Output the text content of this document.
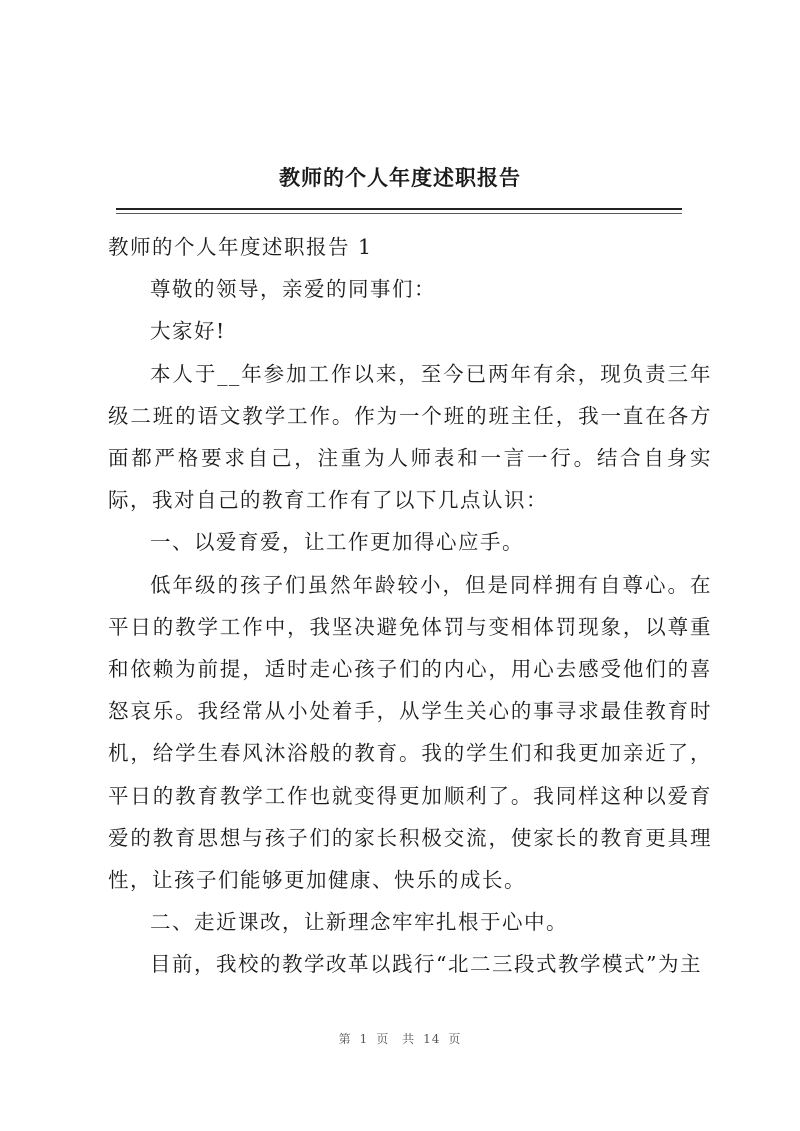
教师的个人年度述职报告

教师的个人年度述职报告 1

尊敬的领导，亲爱的同事们：

大家好!

本人于__年参加工作以来，至今已两年有余，现负责三年级二班的语文教学工作。作为一个班的班主任，我一直在各方面都严格要求自己，注重为人师表和一言一行。结合自身实际，我对自己的教育工作有了以下几点认识：

一、以爱育爱，让工作更加得心应手。

低年级的孩子们虽然年龄较小，但是同样拥有自尊心。在平日的教学工作中，我坚决避免体罚与变相体罚现象，以尊重和依赖为前提，适时走心孩子们的内心，用心去感受他们的喜怒哀乐。我经常从小处着手，从学生关心的事寻求最佳教育时机，给学生春风沐浴般的教育。我的学生们和我更加亲近了，平日的教育教学工作也就变得更加顺利了。我同样这种以爱育爱的教育思想与孩子们的家长积极交流，使家长的教育更具理性，让孩子们能够更加健康、快乐的成长。

二、走近课改，让新理念牢牢扎根于心中。

目前，我校的教学改革以践行“北二三段式教学模式”为主

第 1 页 共 14 页
